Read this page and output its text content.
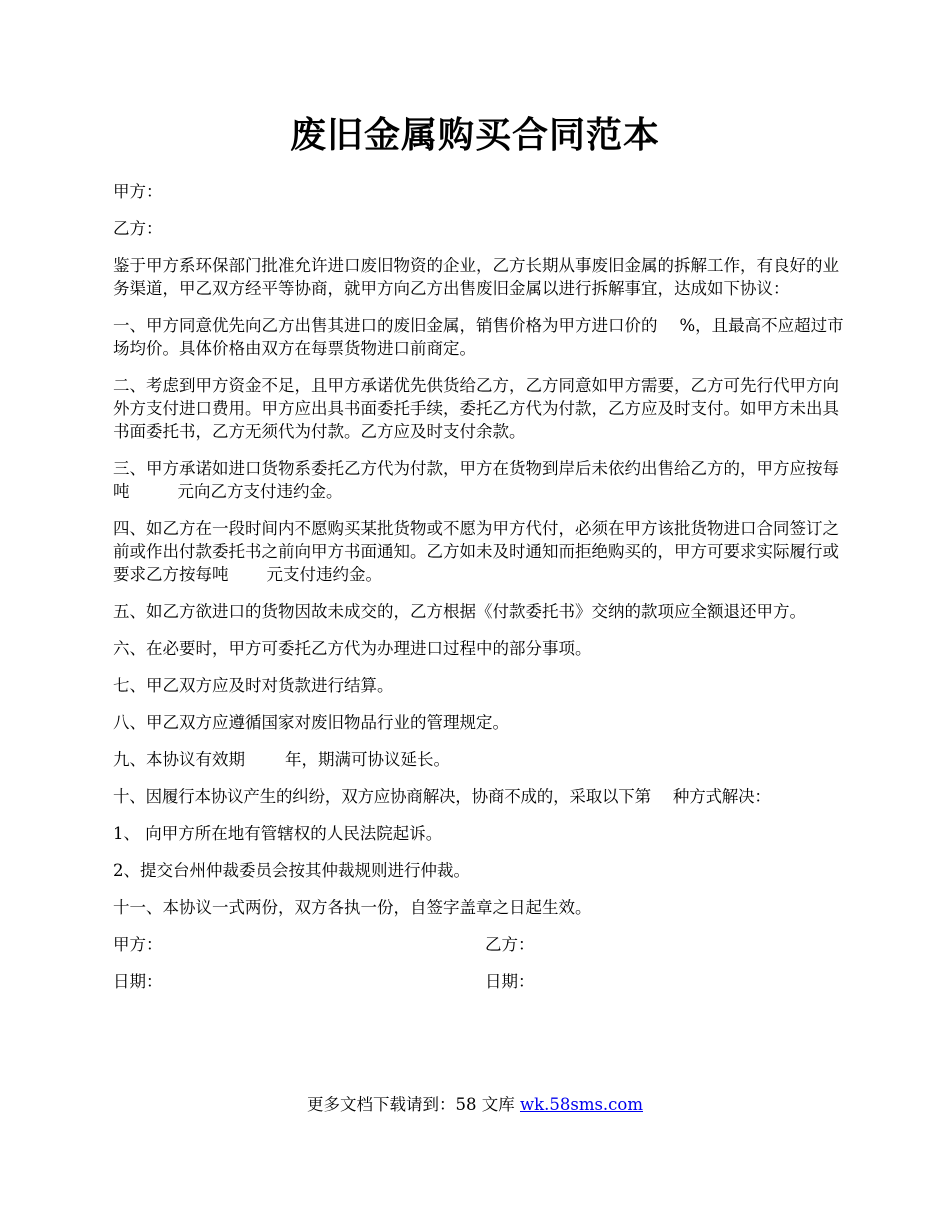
废旧金属购买合同范本

甲方：

乙方：

鉴于甲方系环保部门批准允许进口废旧物资的企业，乙方长期从事废旧金属的拆解工作，有良好的业务渠道，甲乙双方经平等协商，就甲方向乙方出售废旧金属以进行拆解事宜，达成如下协议：

一、甲方同意优先向乙方出售其进口的废旧金属，销售价格为甲方进口价的 %，且最高不应超过市场均价。具体价格由双方在每票货物进口前商定。

二、考虑到甲方资金不足，且甲方承诺优先供货给乙方，乙方同意如甲方需要，乙方可先行代甲方向外方支付进口费用。甲方应出具书面委托手续，委托乙方代为付款，乙方应及时支付。如甲方未出具书面委托书，乙方无须代为付款。乙方应及时支付余款。

三、甲方承诺如进口货物系委托乙方代为付款，甲方在货物到岸后未依约出售给乙方的，甲方应按每吨	元向乙方支付违约金。

四、如乙方在一段时间内不愿购买某批货物或不愿为甲方代付，必须在甲方该批货物进口合同签订之前或作出付款委托书之前向甲方书面通知。乙方如未及时通知而拒绝购买的，甲方可要求实际履行或要求乙方按每吨 元支付违约金。

五、如乙方欲进口的货物因故未成交的，乙方根据《付款委托书》交纳的款项应全额退还甲方。

六、在必要时，甲方可委托乙方代为办理进口过程中的部分事项。

七、甲乙双方应及时对货款进行结算。

八、甲乙双方应遵循国家对废旧物品行业的管理规定。

九、本协议有效期 年，期满可协议延长。

十、因履行本协议产生的纠纷，双方应协商解决，协商不成的，采取以下第 种方式解决：

1、 向甲方所在地有管辖权的人民法院起诉。

2、提交台州仲裁委员会按其仲裁规则进行仲裁。

十一、本协议一式两份，双方各执一份，自签字盖章之日起生效。

甲方：	乙方：
日期：	日期：
更多文档下载请到：58 文库 wk.58sms.com
